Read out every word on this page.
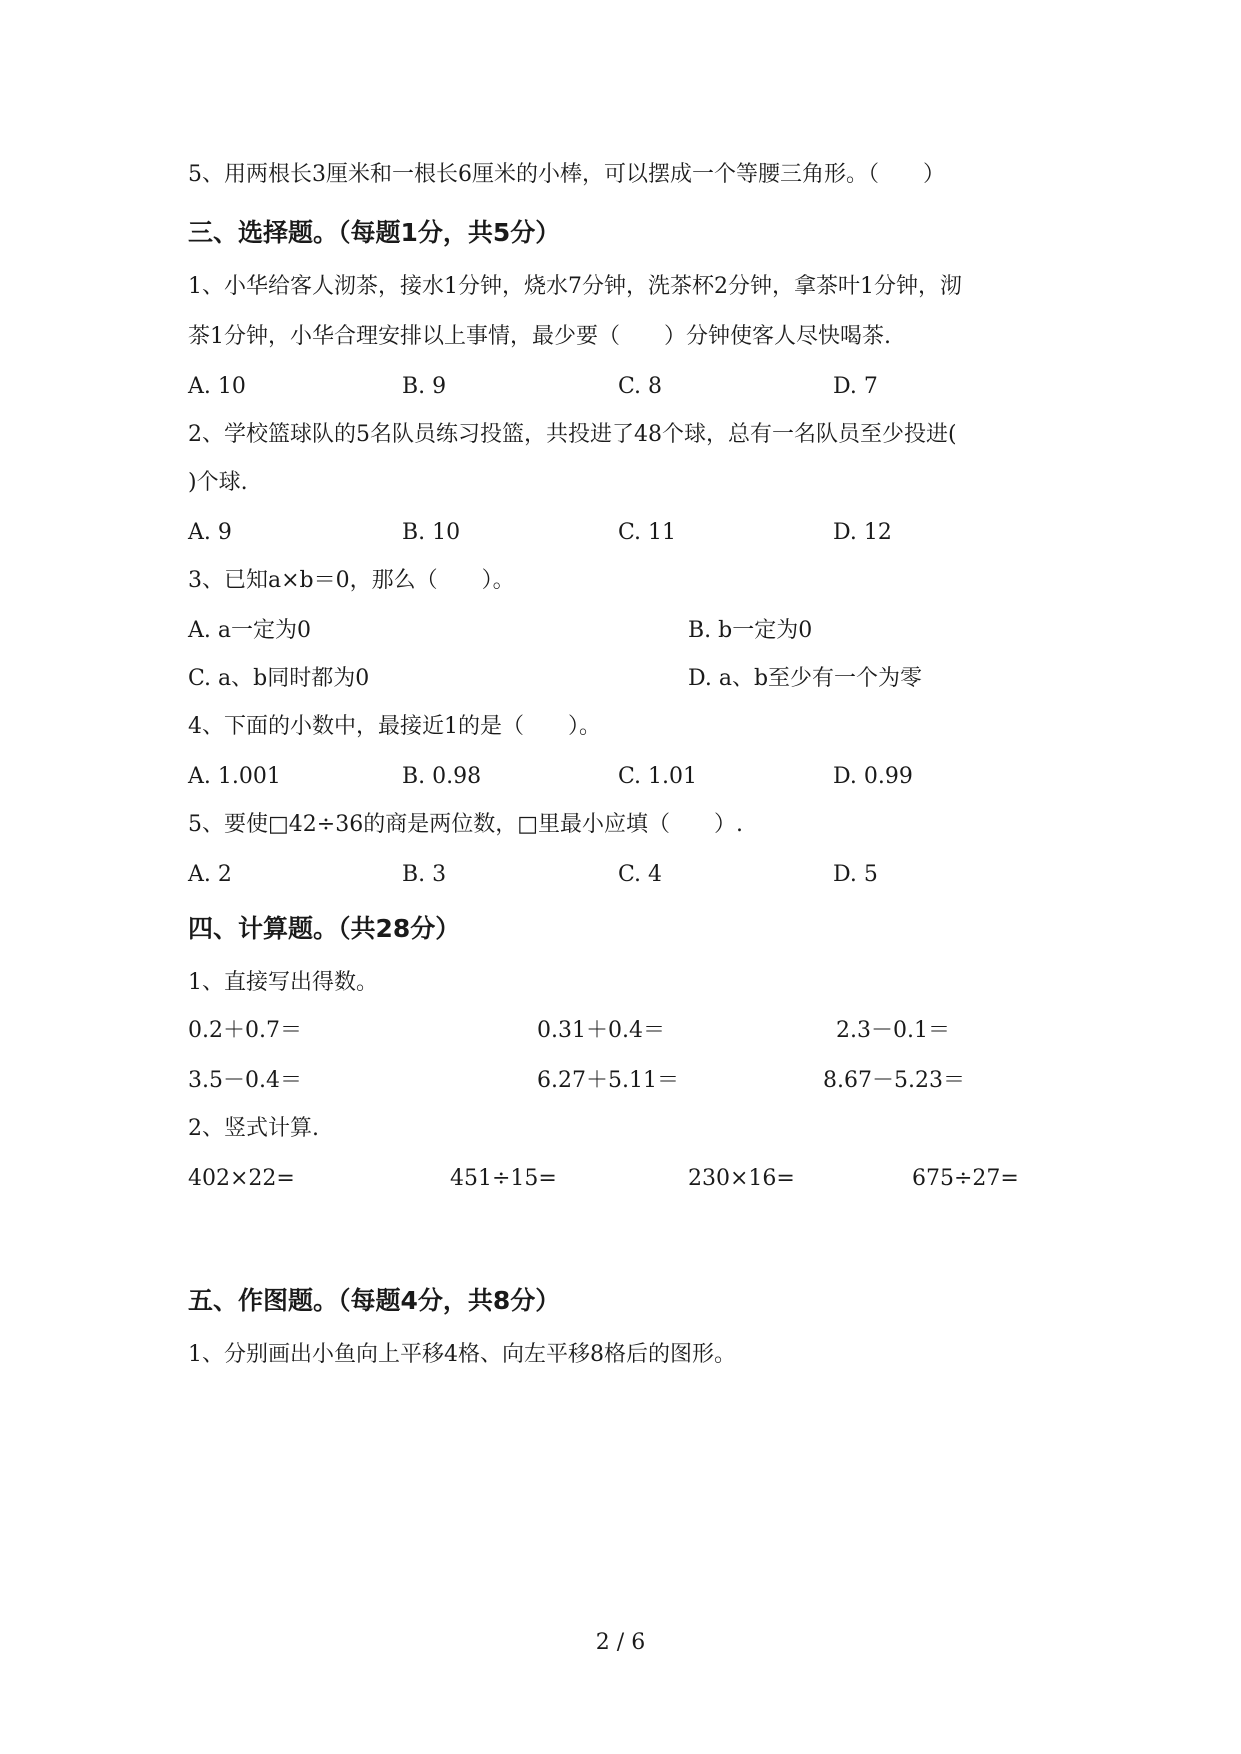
5、用两根长3厘米和一根长6厘米的小棒，可以摆成一个等腰三角形。（　　）
三、选择题。（每题1分，共5分）
1、小华给客人沏茶，接水1分钟，烧水7分钟，洗茶杯2分钟，拿茶叶1分钟，沏
茶1分钟，小华合理安排以上事情，最少要（　　）分钟使客人尽快喝茶.
A. 10	B. 9	C. 8	D. 7
2、学校篮球队的5名队员练习投篮，共投进了48个球，总有一名队员至少投进(
)个球.
A. 9	B. 10	C. 11	D. 12
3、已知a×b＝0，那么（　　）。
A. a一定为0	B. b一定为0
C. a、b同时都为0	D. a、b至少有一个为零
4、下面的小数中，最接近1的是（　　）。
A. 1.001	B. 0.98	C. 1.01	D. 0.99
5、要使□42÷36的商是两位数，□里最小应填（　　）.
A. 2	B. 3	C. 4	D. 5
四、计算题。（共28分）
1、直接写出得数。
0.2＋0.7＝	0.31＋0.4＝	2.3－0.1＝
3.5－0.4＝	6.27＋5.11＝	8.67－5.23＝
2、竖式计算.
402×22=	451÷15=	230×16=	675÷27=
五、作图题。（每题4分，共8分）
1、分别画出小鱼向上平移4格、向左平移8格后的图形。
2 / 6
